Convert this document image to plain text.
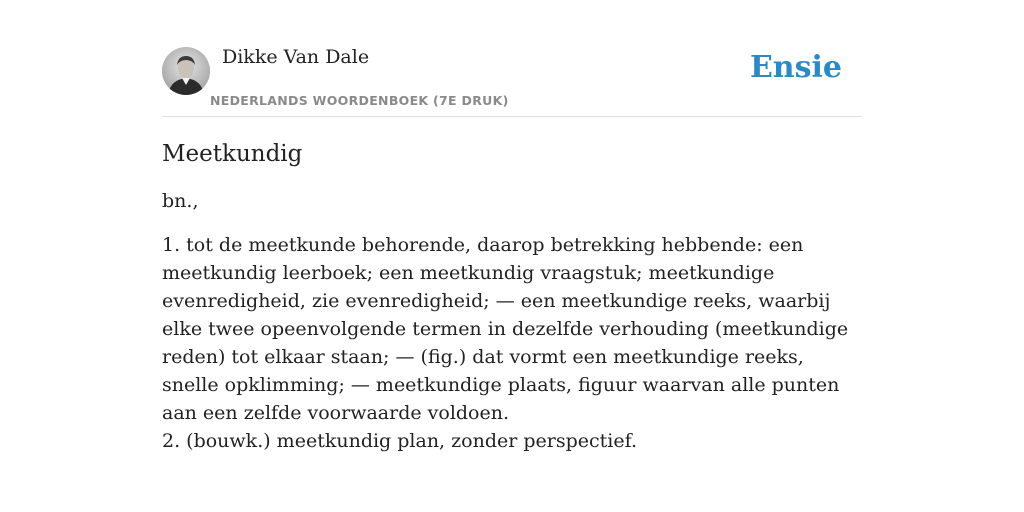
Dikke Van Dale
NEDERLANDS WOORDENBOEK (7E DRUK)
Ensie
Meetkundig

bn.,

1. tot de meetkunde behorende, daarop betrekking hebbende: een meetkundig leerboek; een meetkundig vraagstuk; meetkundige evenredigheid, zie evenredigheid; — een meetkundige reeks, waarbij elke twee opeenvolgende termen in dezelfde verhouding (meetkundige reden) tot elkaar staan; — (fig.) dat vormt een meetkundige reeks, snelle opklimming; — meetkundige plaats, figuur waarvan alle punten aan een zelfde voorwaarde voldoen.
2. (bouwk.) meetkundig plan, zonder perspectief.
